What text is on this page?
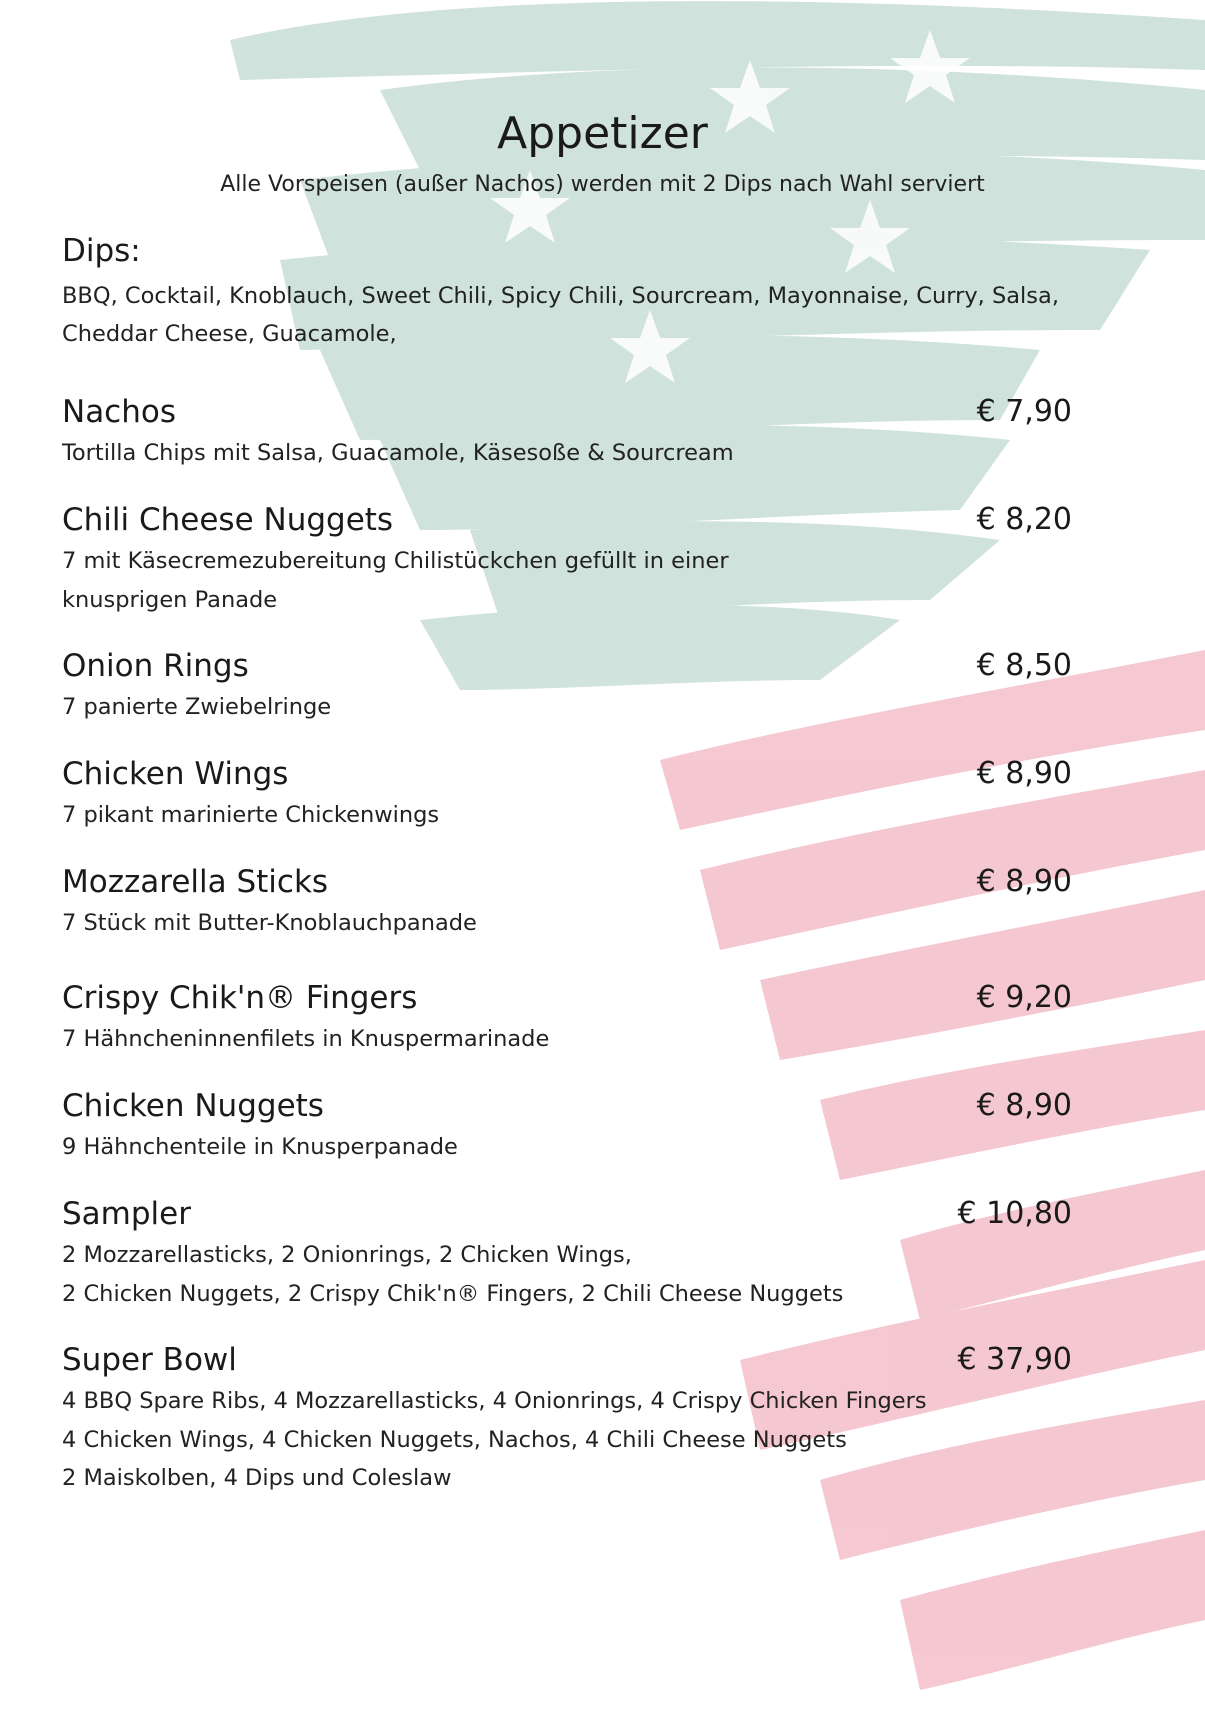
Appetizer
Alle Vorspeisen (außer Nachos) werden mit 2 Dips nach Wahl serviert
Dips:
BBQ, Cocktail, Knoblauch, Sweet Chili, Spicy Chili, Sourcream, Mayonnaise, Curry, Salsa, Cheddar Cheese, Guacamole,
Nachos	€ 7,90
Tortilla Chips mit Salsa, Guacamole, Käsesoße & Sourcream
Chili Cheese Nuggets	€ 8,20
7 mit Käsecremezubereitung Chilistückchen gefüllt in einer
knusprigen Panade
Onion Rings	€ 8,50
7 panierte Zwiebelringe
Chicken Wings	€ 8,90
7 pikant marinierte Chickenwings
Mozzarella Sticks	€ 8,90
7 Stück mit Butter-Knoblauchpanade
Crispy Chik'n® Fingers	€ 9,20
7 Hähncheninnenfilets in Knuspermarinade
Chicken Nuggets	€ 8,90
9 Hähnchenteile in Knusperpanade
Sampler	€ 10,80
2 Mozzarellasticks, 2 Onionrings, 2 Chicken Wings,
2 Chicken Nuggets, 2 Crispy Chik'n® Fingers, 2 Chili Cheese Nuggets
Super Bowl	€ 37,90
4 BBQ Spare Ribs, 4 Mozzarellasticks, 4 Onionrings, 4 Crispy Chicken Fingers
4 Chicken Wings, 4 Chicken Nuggets, Nachos, 4 Chili Cheese Nuggets
2 Maiskolben, 4 Dips und Coleslaw
